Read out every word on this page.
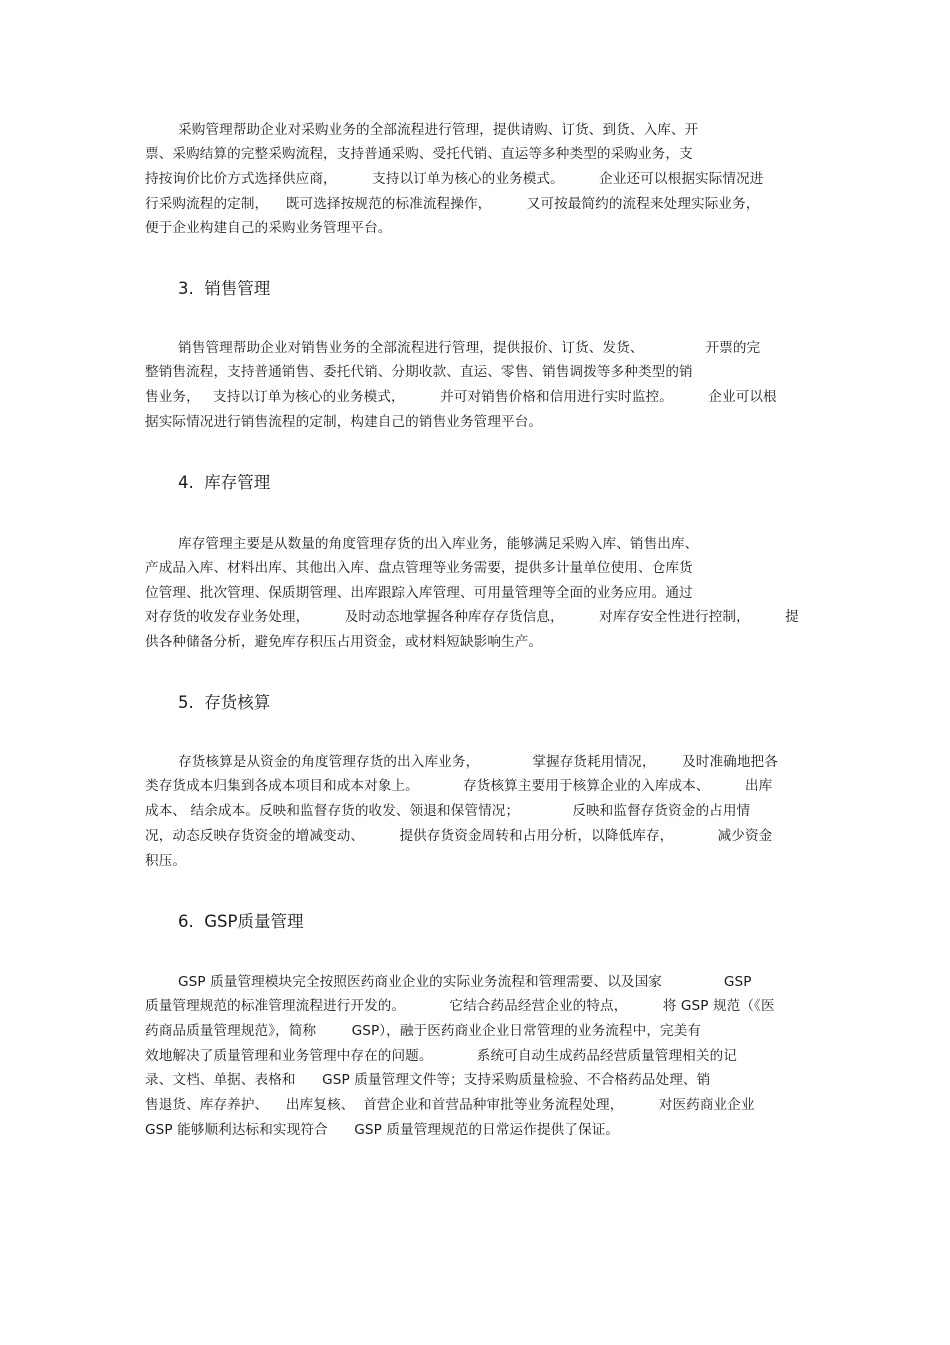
采购管理帮助企业对采购业务的全部流程进行管理，提供请购、订货、到货、入库、开
票、采购结算的完整采购流程，支持普通采购、受托代销、直运等多种类型的采购业务，支
持按询价比价方式选择供应商，        支持以订单为核心的业务模式。        企业还可以根据实际情况进
行采购流程的定制，    既可选择按规范的标准流程操作，        又可按最简约的流程来处理实际业务，
便于企业构建自己的采购业务管理平台。
3.  销售管理
销售管理帮助企业对销售业务的全部流程进行管理，提供报价、订货、发货、              开票的完
整销售流程，支持普通销售、委托代销、分期收款、直运、零售、销售调拨等多种类型的销
售业务，   支持以订单为核心的业务模式，        并可对销售价格和信用进行实时监控。        企业可以根
据实际情况进行销售流程的定制，构建自己的销售业务管理平台。
4.  库存管理
库存管理主要是从数量的角度管理存货的出入库业务，能够满足采购入库、销售出库、
产成品入库、材料出库、其他出入库、盘点管理等业务需要，提供多计量单位使用、仓库货
位管理、批次管理、保质期管理、出库跟踪入库管理、可用量管理等全面的业务应用。通过
对存货的收发存业务处理，        及时动态地掌握各种库存存货信息，        对库存安全性进行控制，        提
供各种储备分析，避免库存积压占用资金，或材料短缺影响生产。
5.  存货核算
存货核算是从资金的角度管理存货的出入库业务，            掌握存货耗用情况，      及时准确地把各
类存货成本归集到各成本项目和成本对象上。          存货核算主要用于核算企业的入库成本、        出库
成本、 结余成本。反映和监督存货的收发、领退和保管情况；            反映和监督存货资金的占用情
况，动态反映存货资金的增减变动、        提供存货资金周转和占用分析，以降低库存，          减少资金
积压。
6.  GSP质量管理
GSP 质量管理模块完全按照医药商业企业的实际业务流程和管理需要、以及国家              GSP
质量管理规范的标准管理流程进行开发的。          它结合药品经营企业的特点，        将 GSP 规范（《医
药商品质量管理规范》，简称        GSP），融于医药商业企业日常管理的业务流程中，完美有
效地解决了质量管理和业务管理中存在的问题。          系统可自动生成药品经营质量管理相关的记
录、文档、单据、表格和      GSP 质量管理文件等；支持采购质量检验、不合格药品处理、销
售退货、库存养护、    出库复核、  首营企业和首营品种审批等业务流程处理，        对医药商业企业
GSP 能够顺利达标和实现符合      GSP 质量管理规范的日常运作提供了保证。
